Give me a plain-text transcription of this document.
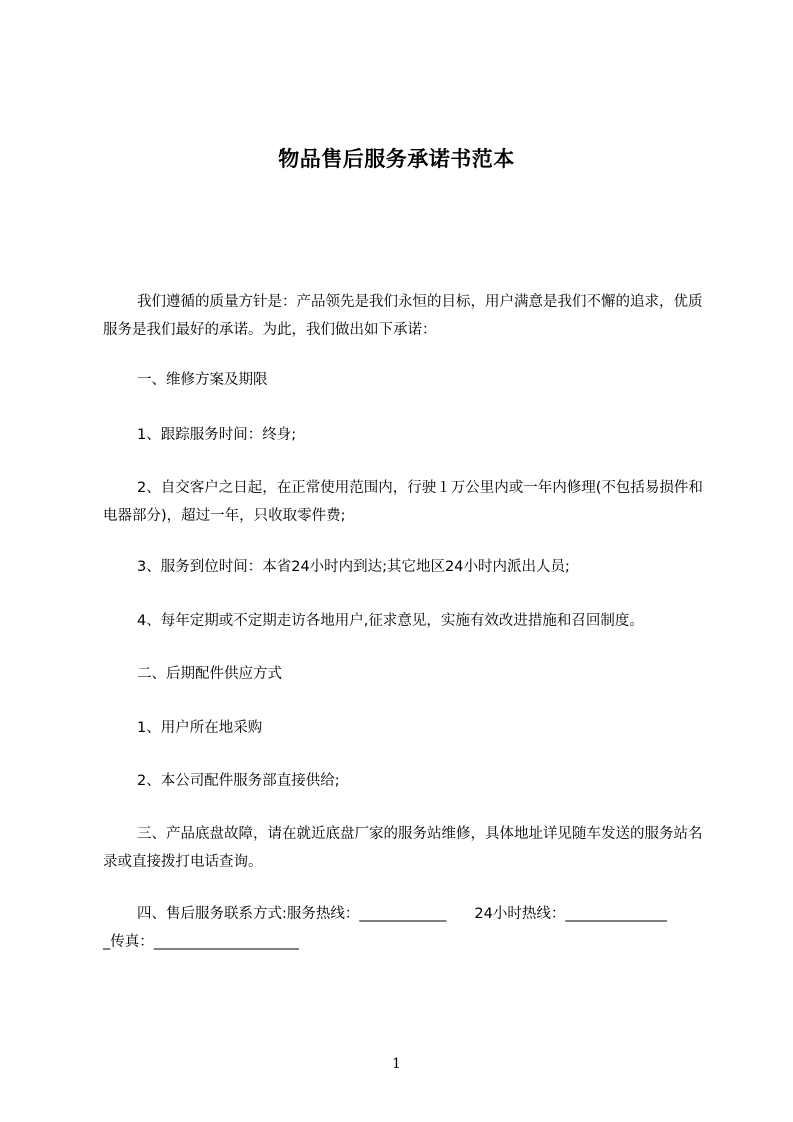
物品售后服务承诺书范本

我们遵循的质量方针是：产品领先是我们永恒的目标，用户满意是我们不懈的追求，优质服务是我们最好的承诺。为此，我们做出如下承诺：

一、维修方案及期限
1、跟踪服务时间：终身;

2、自交客户之日起，在正常使用范围内，行驶１万公里内或一年内修理(不包括易损件和电器部分)，超过一年，只收取零件费;

3、服务到位时间：本省24小时内到达;其它地区24小时内派出人员;
4、每年定期或不定期走访各地用户,征求意见，实施有效改进措施和召回制度。
二、后期配件供应方式
1、用户所在地采购
2、本公司配件服务部直接供给;

三、产品底盘故障，请在就近底盘厂家的服务站维修，具体地址详见随车发送的服务站名录或直接拨打电话查询。

四、售后服务联系方式:服务热线：____________ 24小时热线：______________
_传真：____________________
1
